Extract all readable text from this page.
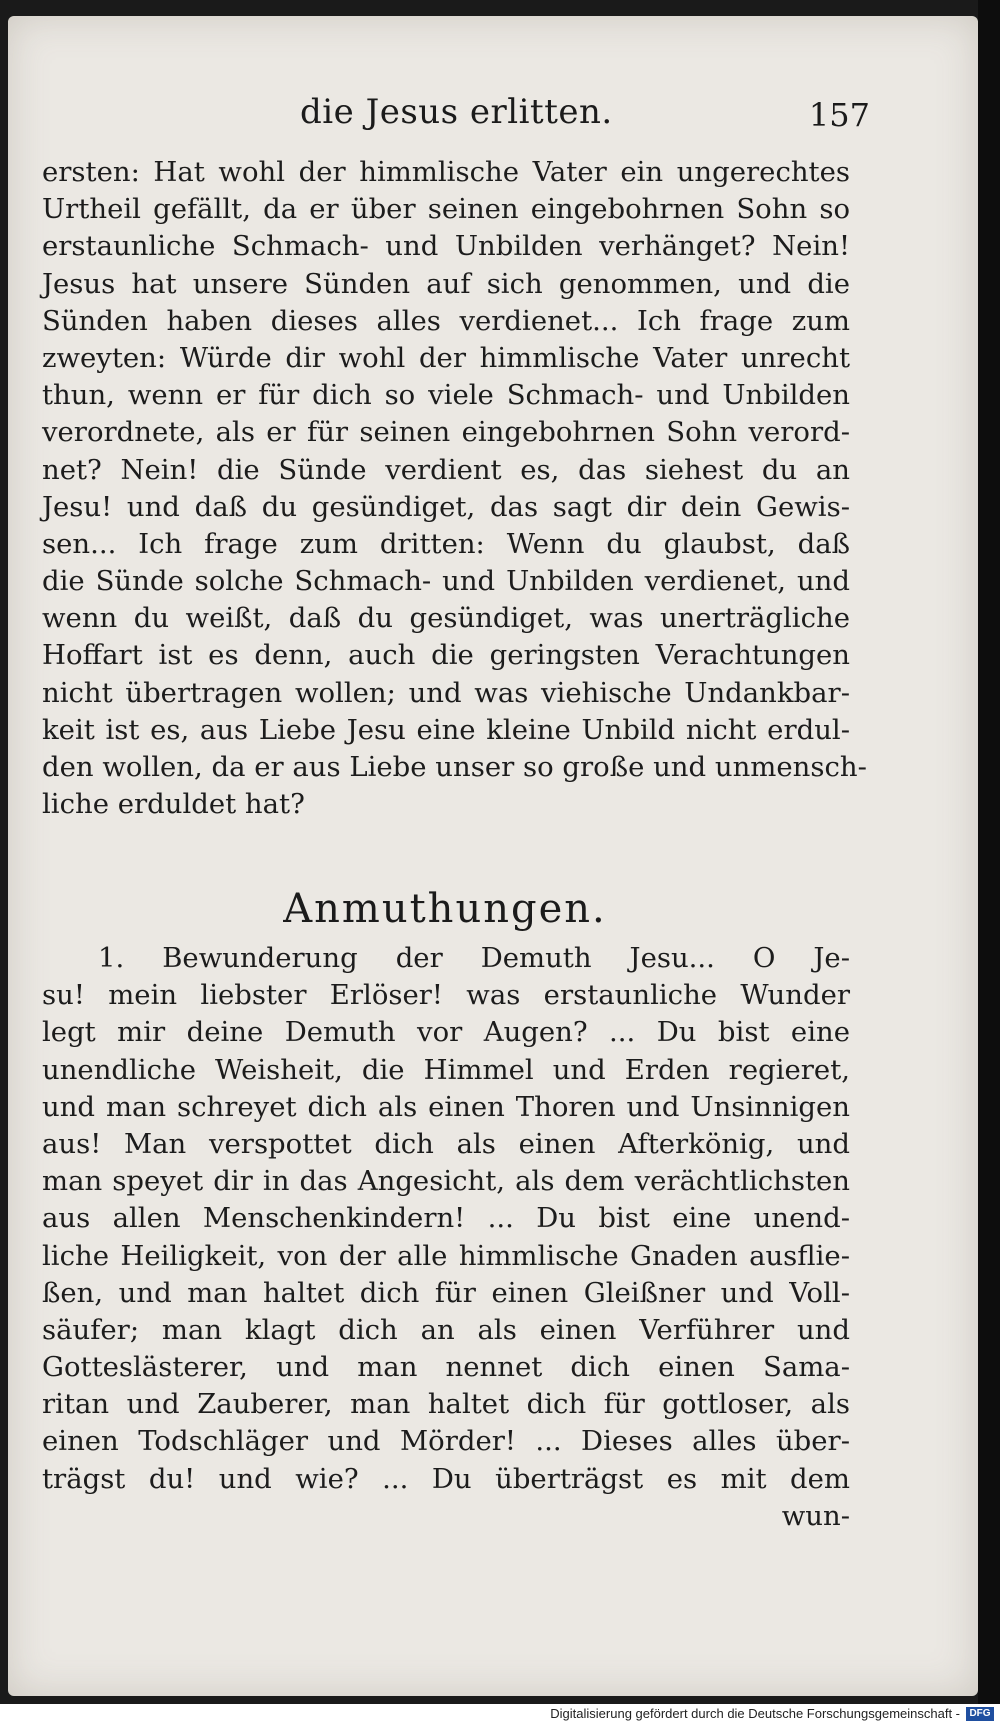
die Jesus erlitten.	157
ersten: Hat wohl der himmlische Vater ein ungerechtes
Urtheil gefällt, da er über seinen eingebohrnen Sohn so
erstaunliche Schmach- und Unbilden verhänget? Nein!
Jesus hat unsere Sünden auf sich genommen, und die
Sünden haben dieses alles verdienet... Ich frage zum
zweyten: Würde dir wohl der himmlische Vater unrecht
thun, wenn er für dich so viele Schmach- und Unbilden
verordnete, als er für seinen eingebohrnen Sohn verord-
net? Nein! die Sünde verdient es, das siehest du an
Jesu! und daß du gesündiget, das sagt dir dein Gewis-
sen... Ich frage zum dritten: Wenn du glaubst, daß
die Sünde solche Schmach- und Unbilden verdienet, und
wenn du weißt, daß du gesündiget, was unerträgliche
Hoffart ist es denn, auch die geringsten Verachtungen
nicht übertragen wollen; und was viehische Undankbar-
keit ist es, aus Liebe Jesu eine kleine Unbild nicht erdul-
den wollen, da er aus Liebe unser so große und unmensch-
liche erduldet hat?
Anmuthungen.
1. Bewunderung der Demuth Jesu... O Je-
su! mein liebster Erlöser! was erstaunliche Wunder
legt mir deine Demuth vor Augen? ... Du bist eine
unendliche Weisheit, die Himmel und Erden regieret,
und man schreyet dich als einen Thoren und Unsinnigen
aus! Man verspottet dich als einen Afterkönig, und
man speyet dir in das Angesicht, als dem verächtlichsten
aus allen Menschenkindern! ... Du bist eine unend-
liche Heiligkeit, von der alle himmlische Gnaden ausflie-
ßen, und man haltet dich für einen Gleißner und Voll-
säufer; man klagt dich an als einen Verführer und
Gotteslästerer, und man nennet dich einen Sama-
ritan und Zauberer, man haltet dich für gottloser, als
einen Todschläger und Mörder! ... Dieses alles über-
trägst du! und wie? ... Du überträgst es mit dem
wun-
Digitalisierung gefördert durch die Deutsche Forschungsgemeinschaft - DFG
